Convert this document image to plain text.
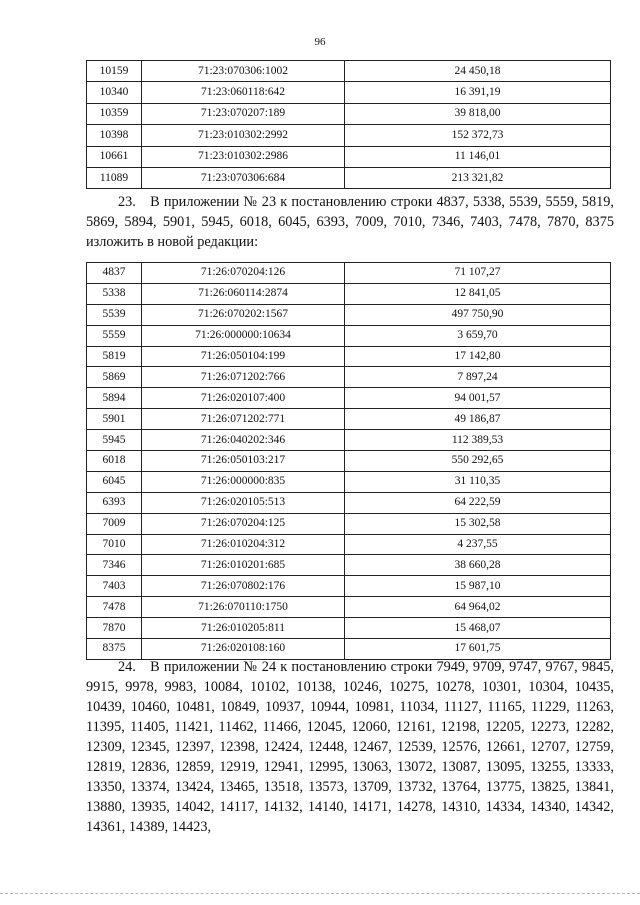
96
10159	71:23:070306:1002	24 450,18
10340	71:23:060118:642	16 391,19
10359	71:23:070207:189	39 818,00
10398	71:23:010302:2992	152 372,73
10661	71:23:010302:2986	11 146,01
11089	71:23:070306:684	213 321,82
23. В приложении № 23 к постановлению строки 4837, 5338, 5539, 5559, 5819, 5869, 5894, 5901, 5945, 6018, 6045, 6393, 7009, 7010, 7346, 7403, 7478, 7870, 8375 изложить в новой редакции:
4837	71:26:070204:126	71 107,27
5338	71:26:060114:2874	12 841,05
5539	71:26:070202:1567	497 750,90
5559	71:26:000000:10634	3 659,70
5819	71:26:050104:199	17 142,80
5869	71:26:071202:766	7 897,24
5894	71:26:020107:400	94 001,57
5901	71:26:071202:771	49 186,87
5945	71:26:040202:346	112 389,53
6018	71:26:050103:217	550 292,65
6045	71:26:000000:835	31 110,35
6393	71:26:020105:513	64 222,59
7009	71:26:070204:125	15 302,58
7010	71:26:010204:312	4 237,55
7346	71:26:010201:685	38 660,28
7403	71:26:070802:176	15 987,10
7478	71:26:070110:1750	64 964,02
7870	71:26:010205:811	15 468,07
8375	71:26:020108:160	17 601,75
24. В приложении № 24 к постановлению строки 7949, 9709, 9747, 9767, 9845, 9915, 9978, 9983, 10084, 10102, 10138, 10246, 10275, 10278, 10301, 10304, 10435, 10439, 10460, 10481, 10849, 10937, 10944, 10981, 11034, 11127, 11165, 11229, 11263, 11395, 11405, 11421, 11462, 11466, 12045, 12060, 12161, 12198, 12205, 12273, 12282, 12309, 12345, 12397, 12398, 12424, 12448, 12467, 12539, 12576, 12661, 12707, 12759, 12819, 12836, 12859, 12919, 12941, 12995, 13063, 13072, 13087, 13095, 13255, 13333, 13350, 13374, 13424, 13465, 13518, 13573, 13709, 13732, 13764, 13775, 13825, 13841, 13880, 13935, 14042, 14117, 14132, 14140, 14171, 14278, 14310, 14334, 14340, 14342, 14361, 14389, 14423,
